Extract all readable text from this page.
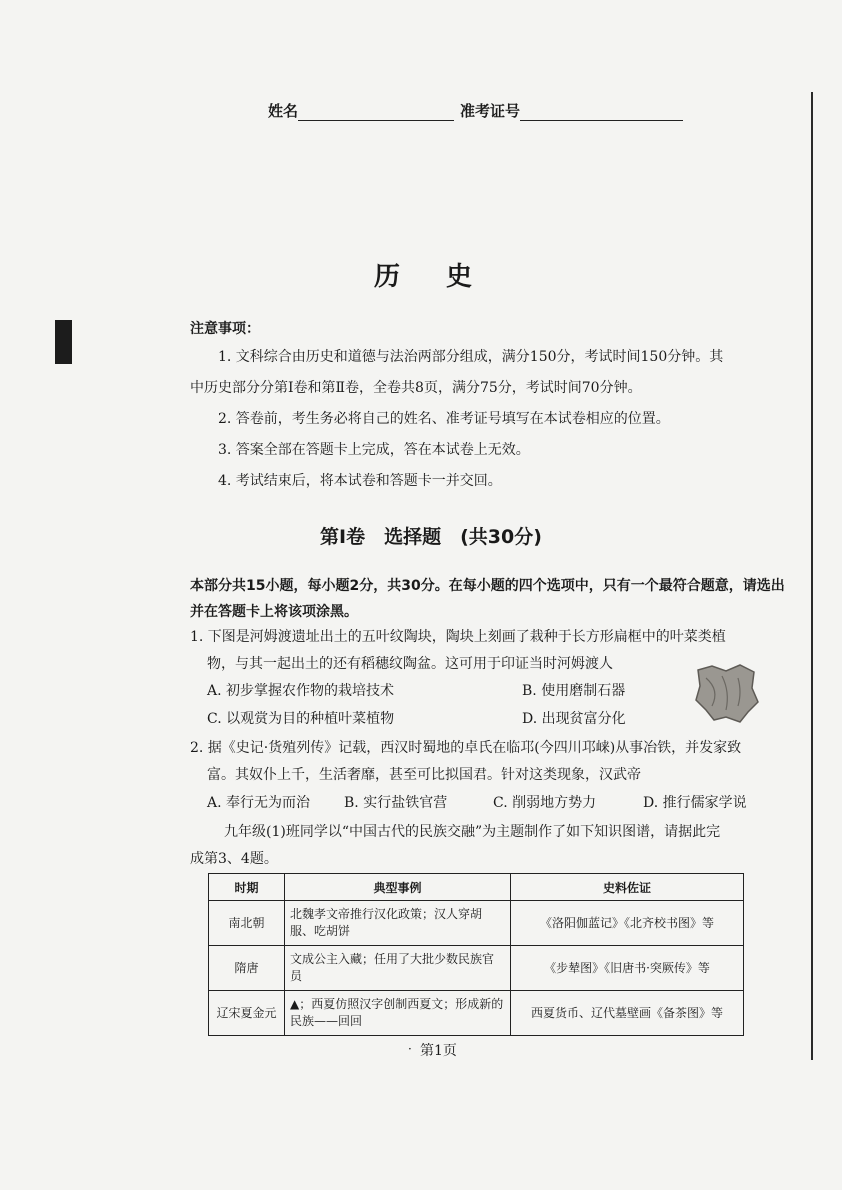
姓名	准考证号
历史
注意事项：
1. 文科综合由历史和道德与法治两部分组成，满分150分，考试时间150分钟。其
中历史部分分第Ⅰ卷和第Ⅱ卷，全卷共8页，满分75分，考试时间70分钟。
2. 答卷前，考生务必将自己的姓名、准考证号填写在本试卷相应的位置。
3. 答案全部在答题卡上完成，答在本试卷上无效。
4. 考试结束后，将本试卷和答题卡一并交回。
第Ⅰ卷　选择题　(共30分)
本部分共15小题，每小题2分，共30分。在每小题的四个选项中，只有一个最符合题意，请选出并在答题卡上将该项涂黑。
1. 下图是河姆渡遗址出土的五叶纹陶块，陶块上刻画了栽种于长方形扁框中的叶菜类植
物，与其一起出土的还有稻穗纹陶盆。这可用于印证当时河姆渡人
A. 初步掌握农作物的栽培技术	B. 使用磨制石器
C. 以观赏为目的种植叶菜植物	D. 出现贫富分化
2. 据《史记·货殖列传》记载，西汉时蜀地的卓氏在临邛(今四川邛崃)从事冶铁，并发家致
富。其奴仆上千，生活奢靡，甚至可比拟国君。针对这类现象，汉武帝
A. 奉行无为而治 B. 实行盐铁官营	C. 削弱地方势力	D. 推行儒家学说
九年级(1)班同学以“中国古代的民族交融”为主题制作了如下知识图谱，请据此完
成第3、4题。
时期	典型事例	史料佐证
南北朝	北魏孝文帝推行汉化政策；汉人穿胡服、吃胡饼	《洛阳伽蓝记》《北齐校书图》等
隋唐	文成公主入藏；任用了大批少数民族官员	《步辇图》《旧唐书·突厥传》等
辽宋夏金元	▲；西夏仿照汉字创制西夏文；形成新的民族——回回	西夏货币、辽代墓壁画《备茶图》等
· 第1页
